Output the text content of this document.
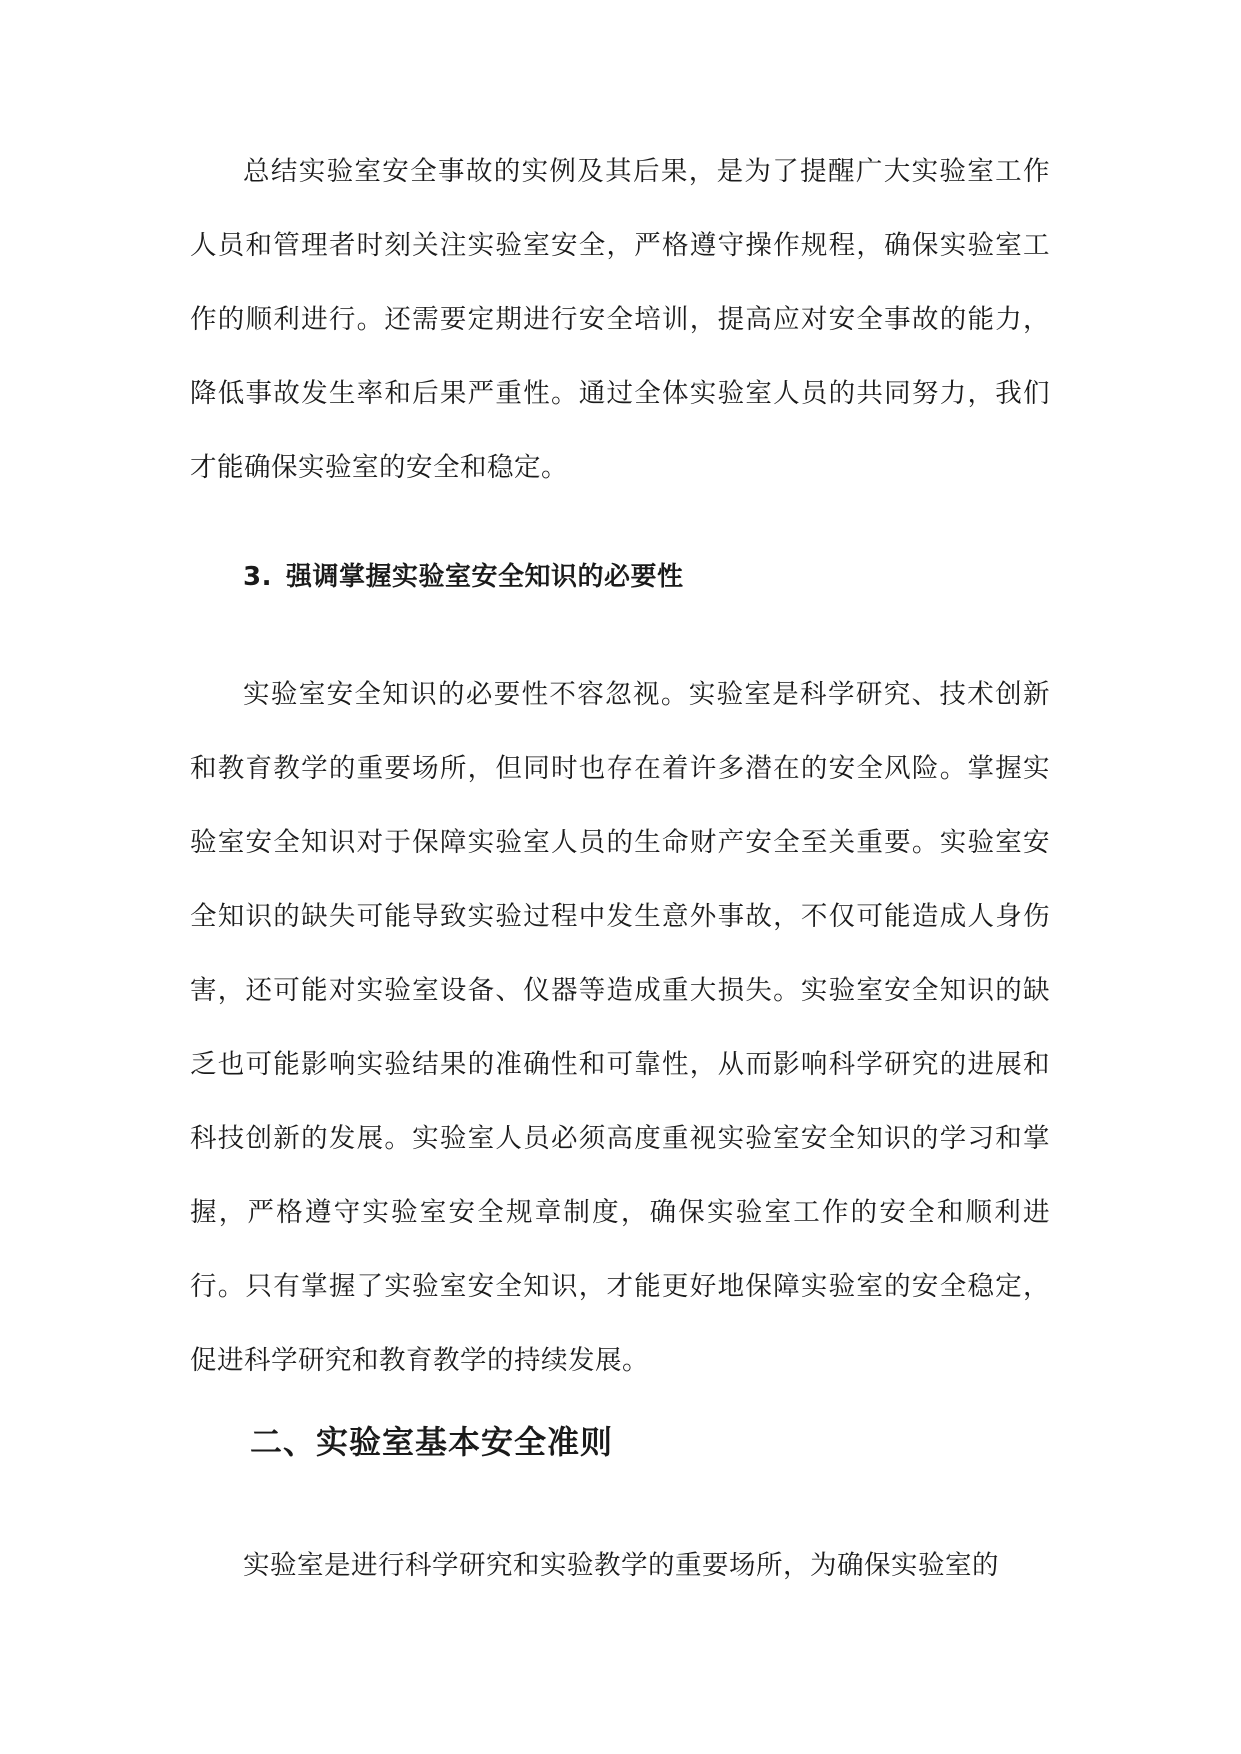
总结实验室安全事故的实例及其后果，是为了提醒广大实验室工作人员和管理者时刻关注实验室安全，严格遵守操作规程，确保实验室工作的顺利进行。还需要定期进行安全培训，提高应对安全事故的能力，降低事故发生率和后果严重性。通过全体实验室人员的共同努力，我们才能确保实验室的安全和稳定。

3. 强调掌握实验室安全知识的必要性

实验室安全知识的必要性不容忽视。实验室是科学研究、技术创新和教育教学的重要场所，但同时也存在着许多潜在的安全风险。掌握实验室安全知识对于保障实验室人员的生命财产安全至关重要。实验室安全知识的缺失可能导致实验过程中发生意外事故，不仅可能造成人身伤害，还可能对实验室设备、仪器等造成重大损失。实验室安全知识的缺乏也可能影响实验结果的准确性和可靠性，从而影响科学研究的进展和科技创新的发展。实验室人员必须高度重视实验室安全知识的学习和掌握，严格遵守实验室安全规章制度，确保实验室工作的安全和顺利进行。只有掌握了实验室安全知识，才能更好地保障实验室的安全稳定，促进科学研究和教育教学的持续发展。

二、实验室基本安全准则

实验室是进行科学研究和实验教学的重要场所，为确保实验室的
